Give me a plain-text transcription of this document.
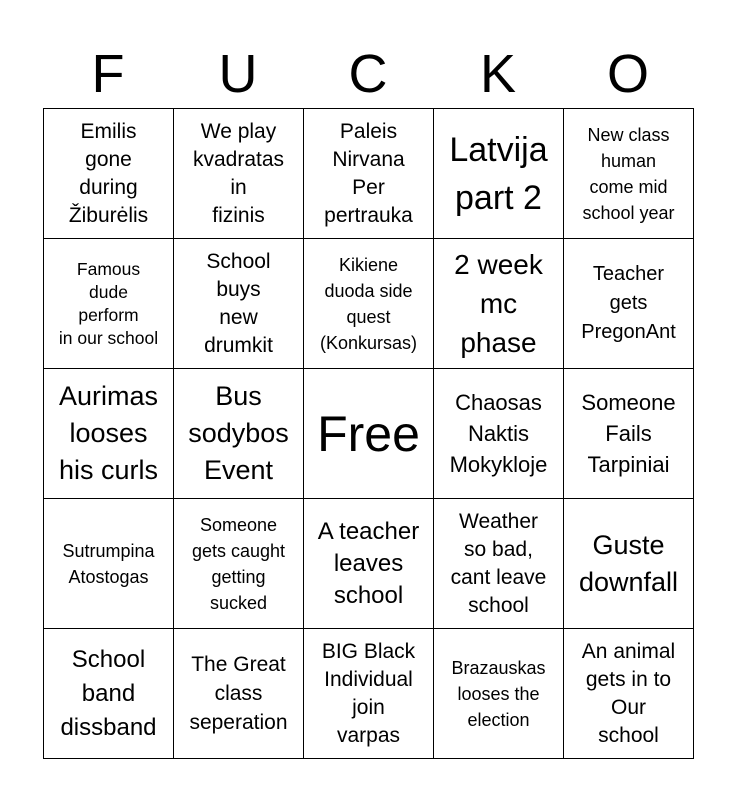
F	U	C	K	O
Emilis
gone
during
Žiburėlis	We play
kvadratas
in
fizinis	Paleis
Nirvana
Per
pertrauka	Latvija
part 2	New class
human
come mid
school year

Famous
dude
perform
in our school	School
buys
new
drumkit	Kikiene
duoda side
quest
(Konkursas)	2 week
mc
phase	Teacher
gets
PregonAnt

Aurimas
looses
his curls	Bus
sodybos
Event	Free	Chaosas
Naktis
Mokykloje	Someone
Fails
Tarpiniai

Sutrumpina
Atostogas	Someone
gets caught
getting
sucked	A teacher
leaves
school	Weather
so bad,
cant leave
school	Guste
downfall

School
band
dissband	The Great
class
seperation	BIG Black
Individual
join
varpas	Brazauskas
looses the
election	An animal
gets in to
Our
school
